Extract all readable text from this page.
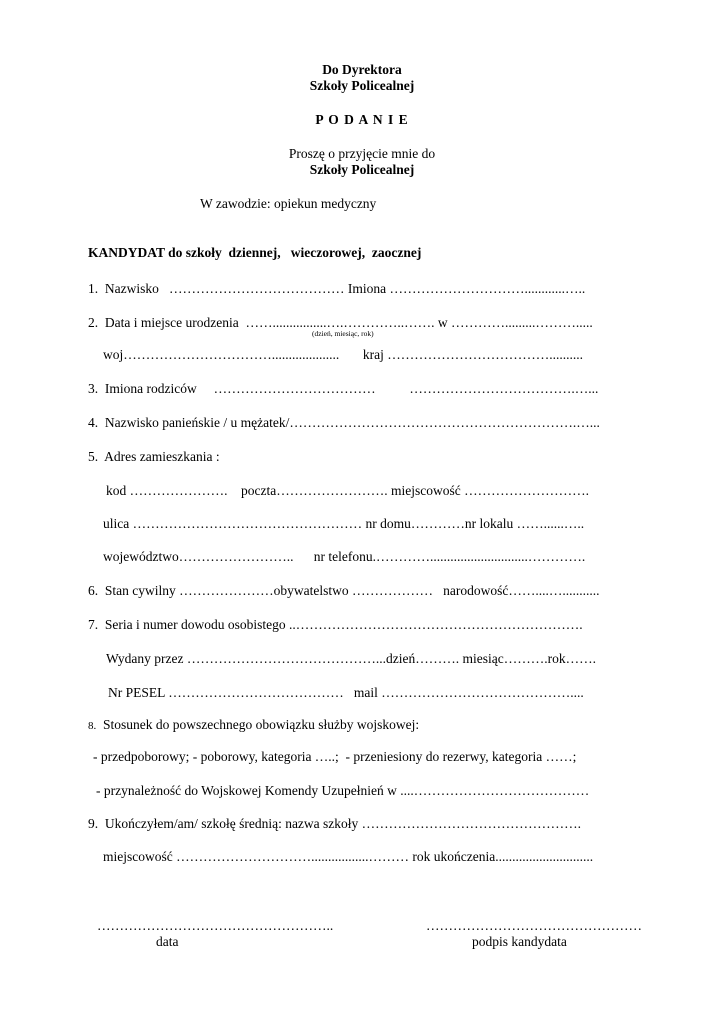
Do Dyrektora
Szkoły Policealnej
P O D A N I E
Proszę o przyjęcie mnie do
Szkoły Policealnej
W zawodzie: opiekun medyczny
KANDYDAT do szkoły  dziennej,   wieczorowej,  zaocznej
1.  Nazwisko   ………………………………… Imiona …………………………............…..
2.  Data i miejsce urodzenia  ……................….…………..……. w ………….........……….....
(dzień, miesiąc, rok)
woj……………………………....................       kraj ………………………………..........
3.  Imiona rodziców     ………………………………          ……………………………….…...
4.  Nazwisko panieńskie / u mężatek/……………………………………………………….…...
5.  Adres zamieszkania :
kod ………………….    poczta……………………. miejscowość ……………………….
ulica …………………………………………… nr domu…………nr lokalu ……......…..
województwo……………………..      nr telefonu.………….............................………….
6.  Stan cywilny …………………obywatelstwo ………………   narodowość……....…...........
7.  Seria i numer dowodu osobistego ..……………………………………………………….
Wydany przez ……………………………………...dzień………. miesiąc……….rok…….
Nr PESEL …………………………………   mail ……………………………………....
8. Stosunek do powszechnego obowiązku służby wojskowej:
- przedpoborowy; - poborowy, kategoria …..;  - przeniesiony do rezerwy, kategoria ……;
- przynależność do Wojskowej Komendy Uzupełnień w ....…………………………………
9.  Ukończyłem/am/ szkołę średnią: nazwa szkoły ………………………………………….
miejscowość ………………………….................……… rok ukończenia.............................
……………………………………………..
data
…………………………………………
podpis kandydata
